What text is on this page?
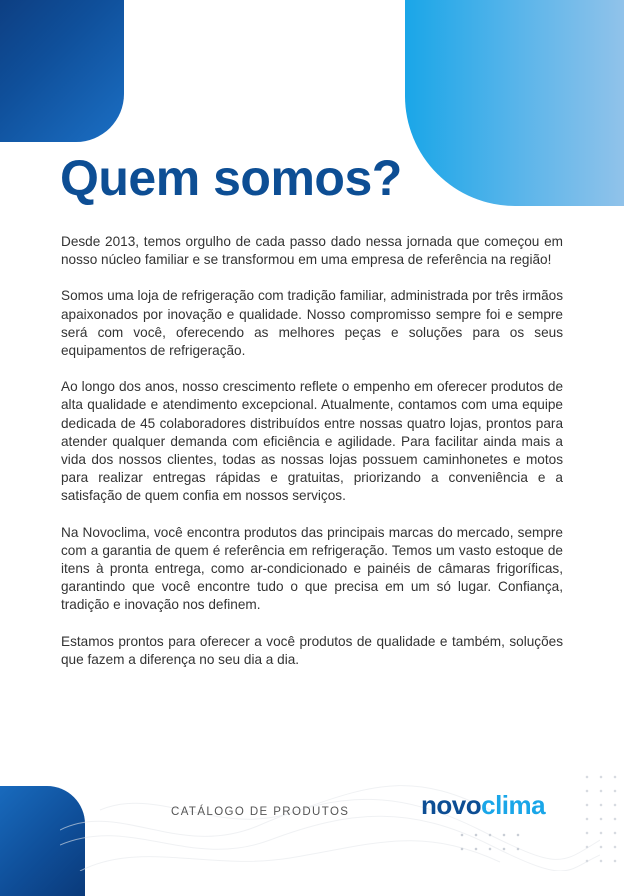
Quem somos?

Desde 2013, temos orgulho de cada passo dado nessa jornada que começou em nosso núcleo familiar e se transformou em uma empresa de referência na região!

Somos uma loja de refrigeração com tradição familiar, administrada por três irmãos apaixonados por inovação e qualidade. Nosso compromisso sempre foi e sempre será com você, oferecendo as melhores peças e soluções para os seus equipamentos de refrigeração.

Ao longo dos anos, nosso crescimento reflete o empenho em oferecer produtos de alta qualidade e atendimento excepcional. Atualmente, contamos com uma equipe dedicada de 45 colaboradores distribuídos entre nossas quatro lojas, prontos para atender qualquer demanda com eficiência e agilidade. Para facilitar ainda mais a vida dos nossos clientes, todas as nossas lojas possuem caminhonetes e motos para realizar entregas rápidas e gratuitas, priorizando a conveniência e a satisfação de quem confia em nossos serviços.

Na Novoclima, você encontra produtos das principais marcas do mercado, sempre com a garantia de quem é referência em refrigeração. Temos um vasto estoque de itens à pronta entrega, como ar-condicionado e painéis de câmaras frigoríficas, garantindo que você encontre tudo o que precisa em um só lugar. Confiança, tradição e inovação nos definem.

Estamos prontos para oferecer a você produtos de qualidade e também, soluções que fazem a diferença no seu dia a dia.

CATÁLOGO DE PRODUTOS	novoclima
